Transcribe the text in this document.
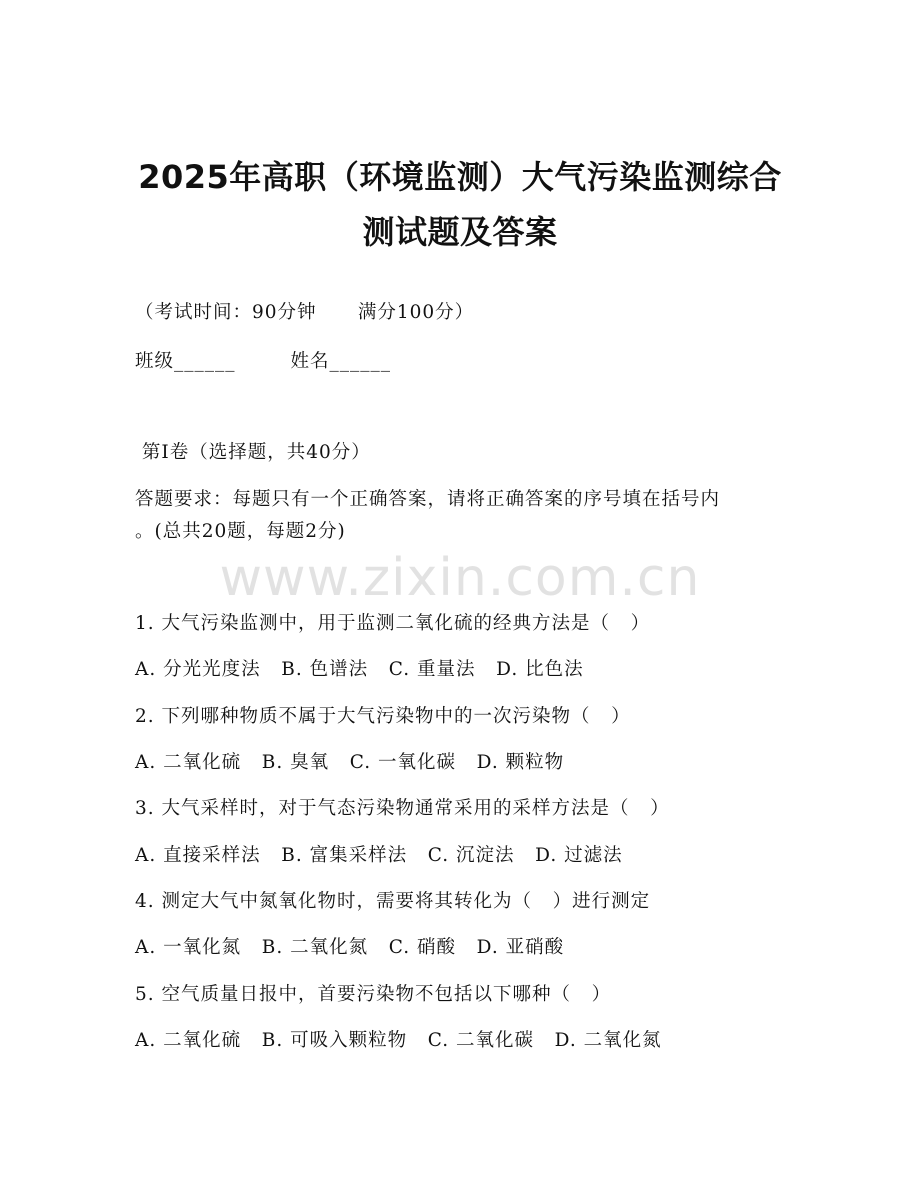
2025年高职（环境监测）大气污染监测综合
测试题及答案
（考试时间：90分钟      满分100分）
班级______        姓名______
第I卷（选择题，共40分）
答题要求：每题只有一个正确答案，请将正确答案的序号填在括号内
。(总共20题，每题2分)
www.zixin.com.cn
1. 大气污染监测中，用于监测二氧化硫的经典方法是（   ）
A. 分光光度法   B. 色谱法   C. 重量法   D. 比色法
2. 下列哪种物质不属于大气污染物中的一次污染物（   ）
A. 二氧化硫   B. 臭氧   C. 一氧化碳   D. 颗粒物
3. 大气采样时，对于气态污染物通常采用的采样方法是（   ）
A. 直接采样法   B. 富集采样法   C. 沉淀法   D. 过滤法
4. 测定大气中氮氧化物时，需要将其转化为（   ）进行测定
A. 一氧化氮   B. 二氧化氮   C. 硝酸   D. 亚硝酸
5. 空气质量日报中，首要污染物不包括以下哪种（   ）
A. 二氧化硫   B. 可吸入颗粒物   C. 二氧化碳   D. 二氧化氮
